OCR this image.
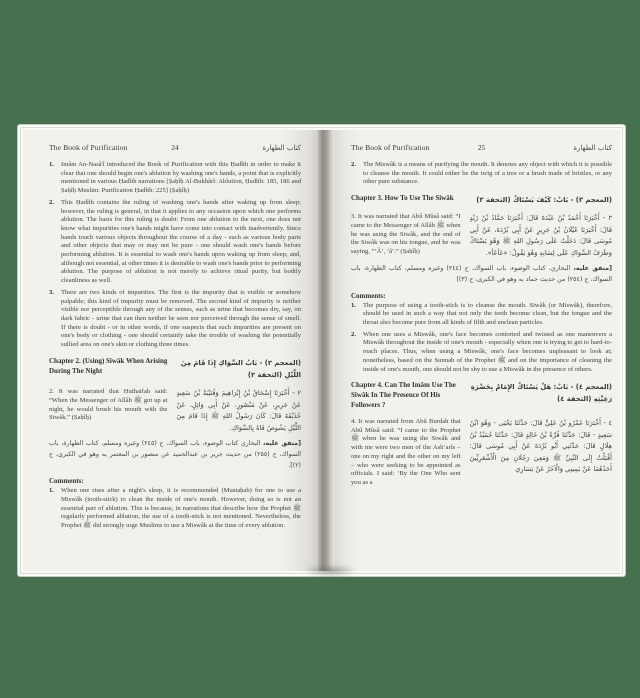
The Book of Purification	24	كتاب الطهارة
1. Imâm An-Nasâ'î introduced the Book of Purification with this Ḥadîth in order to make it clear that one should begin one's ablution by washing one's hands, a point that is explicitly mentioned in various Ḥadîth narrations [Ṣaḥîḥ Al-Bukhârî: Ablution, Ḥadîth: 185, 186 and Ṣaḥîḥ Muslim: Purification Ḥadîth: 225] (Ṣaḥîḥ)
2. This Ḥadîth contains the ruling of washing one's hands after waking up from sleep; however, the ruling is general, in that it applies to any occasion upon which one performs ablution. The basis for this ruling is doubt: From one ablution to the next, one does not know what impurities one's hands might have come into contact with inadvertently. Since hands touch various objects throughout the course of a day - such as various body parts and other objects that may or may not be pure - one should wash one's hands before performing ablution. It is essential to wash one's hands upon waking up from sleep; and, although not essential, at other times it is desirable to wash one's hands prior to performing ablution. The purpose of ablution is not merely to achieve ritual purity, but bodily cleanliness as well.
3. There are two kinds of impurities. The first is the impurity that is visible or somehow palpable; this kind of impurity must be removed. The second kind of impurity is neither visible nor perceptible through any of the senses, such as urine that becomes dry, say, on dark fabric - urine that can then neither be seen nor perceived through the sense of smell. If there is doubt - or in other words, if one suspects that such impurities are present on one's body or clothing - one should certainly take the trouble of washing the potentially sullied area on one's skin or clothing three times.
Chapter 2. (Using) Siwâk When Arising During The Night
(المعجم ٢) - بَابُ السِّوَاكِ إِذَا قَامَ مِنَ اللَّيْلِ (التحفة ٢)
2. It was narrated that Ḥuthaifah said: “When the Messenger of Allâh ﷺ got up at night, he would brush his mouth with the Siwâk.” (Ṣaḥîḥ)
٢ - أَخْبَرَنَا إِسْحَاقُ بْنُ إِبْرَاهِيمَ وَقُتَيْبَةُ بْنُ سَعِيدٍ عَنْ جَرِيرٍ، عَنْ مَنْصُورٍ، عَنْ أَبِي وَائِلٍ، عَنْ حُذَيْفَةَ قَالَ: كَانَ رَسُولُ اللهِ ﷺ إِذَا قَامَ مِنَ اللَّيْلِ يَشُوصُ فَاهُ بِالسِّوَاكِ.
[متفق عليه، البخاري كتاب الوضوء، باب السواك، ح (٢٤٥) وغيره ومسلم، كتاب الطهارة، باب السواك، ح (٢٥٥) من حديث جرير بن عبدالحميد عن منصور بن المعتمر به وهو في الكبرى، ح (٢)].
Comments:
1. When one rises after a night's sleep, it is recommended (Mustaḥab) for one to use a Miswâk (tooth-stick) to clean the inside of one's mouth. However, doing so is not an essential part of ablution. This is because, in narrations that describe how the Prophet ﷺ regularly performed ablution, the use of a tooth-stick is not mentioned. Nevertheless, the Prophet ﷺ did strongly urge Muslims to use a Miswâk at the time of every ablution.
The Book of Purification	25	كتاب الطهارة
2. The Miswâk is a means of purifying the mouth. It denotes any object with which it is possible to cleanse the mouth. It could either be the twig of a tree or a brush made of bristles, or any other pure substance.
Chapter 3. How To Use The Siwâk	(المعجم ٣) - بَابٌ: كَيْفَ يَسْتَاكُ (التحفة ٣)
3. It was narrated that Abû Mûsâ said: “I came to the Messenger of Allâh ﷺ when he was using the Siwâk, and the end of the Siwâk was on his tongue, and he was saying, “’Â’, ’â’.” (Ṣaḥîḥ)
٣ - أَخْبَرَنَا أَحْمَدُ بْنُ عَبْدَةَ قَالَ: أَخْبَرَنَا حَمَّادُ بْنُ زَيْدٍ قَالَ: أَخْبَرَنَا غَيْلَانُ بْنُ جَرِيرٍ عَنْ أَبِي بُرْدَةَ، عَنْ أَبِي مُوسَى قَالَ: دَخَلْتُ عَلَى رَسُولِ اللهِ ﷺ وَهُوَ يَسْتَاكُ وَطَرَفُ السِّوَاكِ عَلَى لِسَانِهِ وَهُوَ يَقُولُ: «عَأعَأ».
[متفق عليه، البخاري، كتاب الوضوء، باب السواك، ح (٢٤٤) وغيره ومسلم، كتاب الطهارة، باب السواك، ح (٢٥٤) من حديث حماد به وهو في الكبرى، ح (٣)]
Comments:
1. The purpose of using a tooth-stick is to cleanse the mouth. Siwâk (or Miswâk), therefore, should be used in such a way that not only the teeth become clean, but the tongue and the throat also become pure from all kinds of filth and unclean particles.
2. When one uses a Miswâk, one's face becomes contorted and twisted as one maneuvers a Miswâk throughout the inside of one's mouth - especially when one is trying to get to hard-to-reach places. Thus, when using a Miswâk, one's face becomes unpleasant to look at; nonetheless, based on the Sunnah of the Prophet ﷺ and on the importance of cleaning the inside of one's mouth, one should not be shy to use a Miswâk in the presence of others.
Chapter 4. Can The Imâm Use The Siwâk In The Presence Of His Followers ?
(المعجم ٤) - بَابٌ: هَلْ يَسْتَاكُ الإِمَامُ بِحَضْرَةِ رَعِيَّتِهِ (التحفة ٤)
4. It was narrated from Abû Burdah that Abû Mûsâ said: “I came to the Prophet ﷺ when he was using the Siwâk and with me were two men of the Ash‘arîs – one on my right and the other on my left – who were seeking to be appointed as officials. I said: ‘By the One Who sent you as a
٤ - أَخْبَرَنَا عَمْرُو بْنُ عَلِيٍّ قَالَ: حَدَّثَنَا يَحْيَى - وَهُوَ ابْنُ سَعِيدٍ - قَالَ: حَدَّثَنَا قُرَّةُ بْنُ خَالِدٍ قَالَ: حَدَّثَنَا حُمَيْدُ بْنُ هِلَالٍ قَالَ: حَدَّثَنِي أَبُو بُرْدَةَ عَنْ أَبِي مُوسَى قَالَ: أَقْبَلْتُ إِلَى النَّبِيِّ ﷺ وَمَعِيَ رَجُلَانِ مِنَ الْأَشْعَرِيِّينَ أَحَدُهُمَا عَنْ يَمِينِي وَالْآخَرُ عَنْ يَسَارِي
